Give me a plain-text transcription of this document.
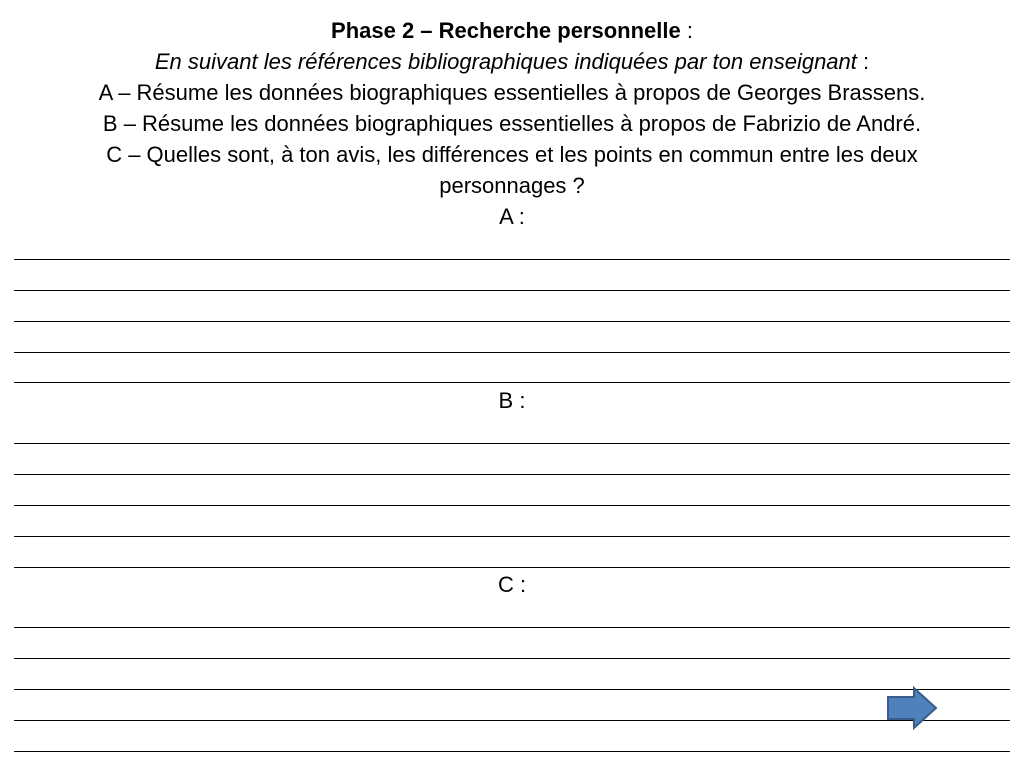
Phase 2 – Recherche personnelle :
En suivant les références bibliographiques indiquées par ton enseignant :
A – Résume les données biographiques essentielles à propos de Georges Brassens.
B – Résume les données biographiques essentielles à propos de Fabrizio de André.
C – Quelles sont, à ton avis, les différences et les points en commun entre les deux
personnages ?
A :
B :
C :
